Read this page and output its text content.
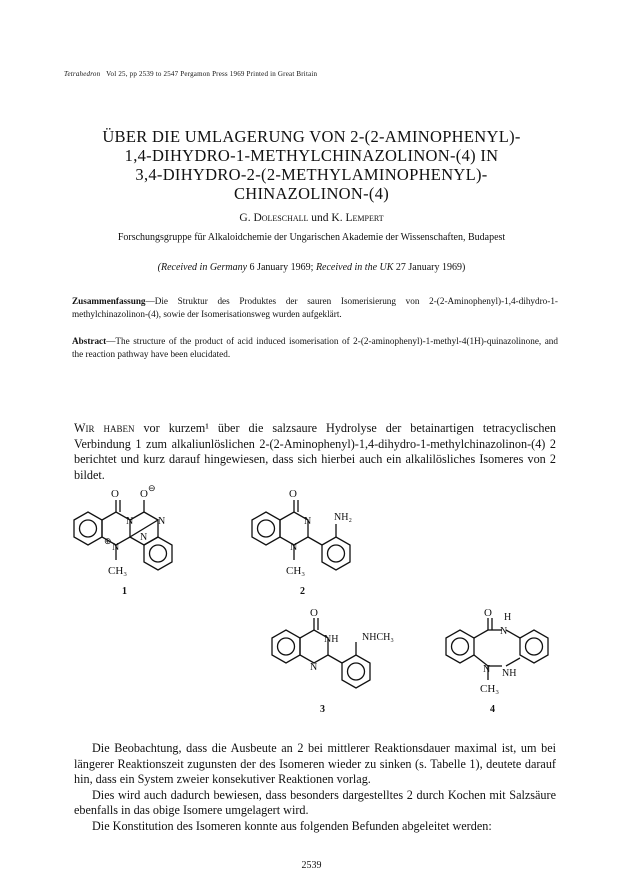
Tetrahedron Vol 25, pp 2539 to 2547 Pergamon Press 1969 Printed in Great Britain
ÜBER DIE UMLAGERUNG VON 2-(2-AMINOPHENYL)-
1,4-DIHYDRO-1-METHYLCHINAZOLINON-(4) IN
3,4-DIHYDRO-2-(2-METHYLAMINOPHENYL)-
CHINAZOLINON-(4)
G. Doleschall und K. Lempert
Forschungsgruppe für Alkaloidchemie der Ungarischen Akademie der Wissenschaften, Budapest
(Received in Germany 6 January 1969; Received in the UK 27 January 1969)
Zusammenfassung—Die Struktur des Produktes der sauren Isomerisierung von 2-(2-Aminophenyl)-1,4-dihydro-1-methylchinazolinon-(4), sowie der Isomerisationsweg wurden aufgeklärt.
Abstract—The structure of the product of acid induced isomerisation of 2-(2-aminophenyl)-1-methyl-4(1H)-quinazolinone, and the reaction pathway have been elucidated.
Wir haben vor kurzem¹ über die salzsaure Hydrolyse der betainartigen tetracyclischen Verbindung 1 zum alkaliunlöslichen 2-(2-Aminophenyl)-1,4-dihydro-1-methylchinazolinon-(4) 2 berichtet und kurz darauf hingewiesen, dass sich hierbei auch ein alkalilösliches Isomeres von 2 bildet.
O O ⊖
N N
⊕
N
N
CH₃
1
O
N
N
NH₂
CH₃
2
O
NH NHCH₃
N
3
O H
N
N NH
CH₃
4

Die Beobachtung, dass die Ausbeute an 2 bei mittlerer Reaktionsdauer maximal ist, um bei längerer Reaktionszeit zugunsten der des Isomeren wieder zu sinken (s. Tabelle 1), deutete darauf hin, dass ein System zweier konsekutiver Reaktionen vorlag.

Dies wird auch dadurch bewiesen, dass besonders dargestelltes 2 durch Kochen mit Salzsäure ebenfalls in das obige Isomere umgelagert wird.

Die Konstitution des Isomeren konnte aus folgenden Befunden abgeleitet werden:

2539
